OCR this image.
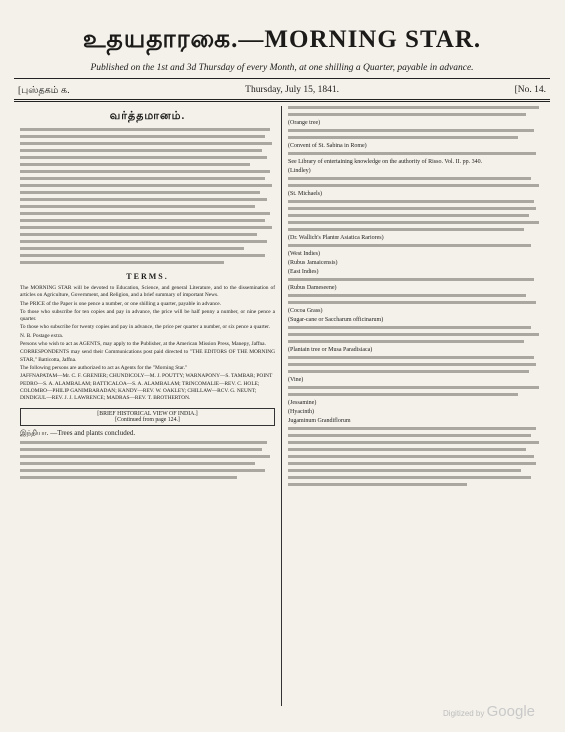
உதயதாரகை.—MORNING STAR.
Published on the 1st and 3d Thursday of every Month, at one shilling a Quarter, payable in advance.
[புஸ்தகம் ௧.	Thursday, July 15, 1841.	[No. 14.
வர்த்தமானம்.
TERMS.

The MORNING STAR will be devoted to Education, Science, and general Literature, and to the dissemination of articles on Agriculture, Government, and Religion, and a brief summary of important News.

The PRICE of the Paper is one pence a number, or one shilling a quarter, payable in advance.

To those who subscribe for ten copies and pay in advance, the price will be half penny a number, or nine pence a quarter.

To those who subscribe for twenty copies and pay in advance, the price per quarter a number, or six pence a quarter.

N. B. Postage extra.

Persons who wish to act as AGENTS, may apply to the Publisher, at the American Mission Press, Manepy, Jaffna.

CORRESPONDENTS may send their Communications post paid directed to "THE EDITORS OF THE MORNING STAR," Batticotta, Jaffna.

The following persons are authorized to act as Agents for the "Morning Star."

JAFFNAPATAM—Mr. C. F. GRENIER; CHUNDICOLY—M. J. POUTTY; WARNAPONY—S. TAMBAR; POINT PEDRO—S. A. ALAMBALAM; BATTICALOA—S. A. ALAMBALAM; TRINCOMALIE—REV. C. HOLE; COLOMBO—PHILIP GANIMBARADAN; KANDY—REV. W. OAKLEY; CHILLAW—RCV. G. NEUNT; DINDIGUL—REV. J. J. LAWRENCE; MADRAS—REV. T. BROTHERTON.
[BRIEF HISTORICAL VIEW OF INDIA.]
[Continued from page 124.]
இந்தியா. —Trees and plants concluded.
(Orange tree)
(Convent of St. Sabina in Rome)
See Library of entertaining knowledge on the authority of Risso. Vol. II. pp. 340.
(Lindley)
(St. Michaels)
(Dr. Wallich's Plantœ Asiatica Rariores)
(West Indies)
(Rubus Jamaicensis)
(East Indies)
(Rubus Dameseene)
(Cocoa Grass)
(Sugar-cane or Saccharum officinarum)
(Plantain tree or Musa Paradisiaca)
(Vine)
(Jessamine)
(Hyacinth)
Jugaminum Grandiflorum
Digitized by Google
